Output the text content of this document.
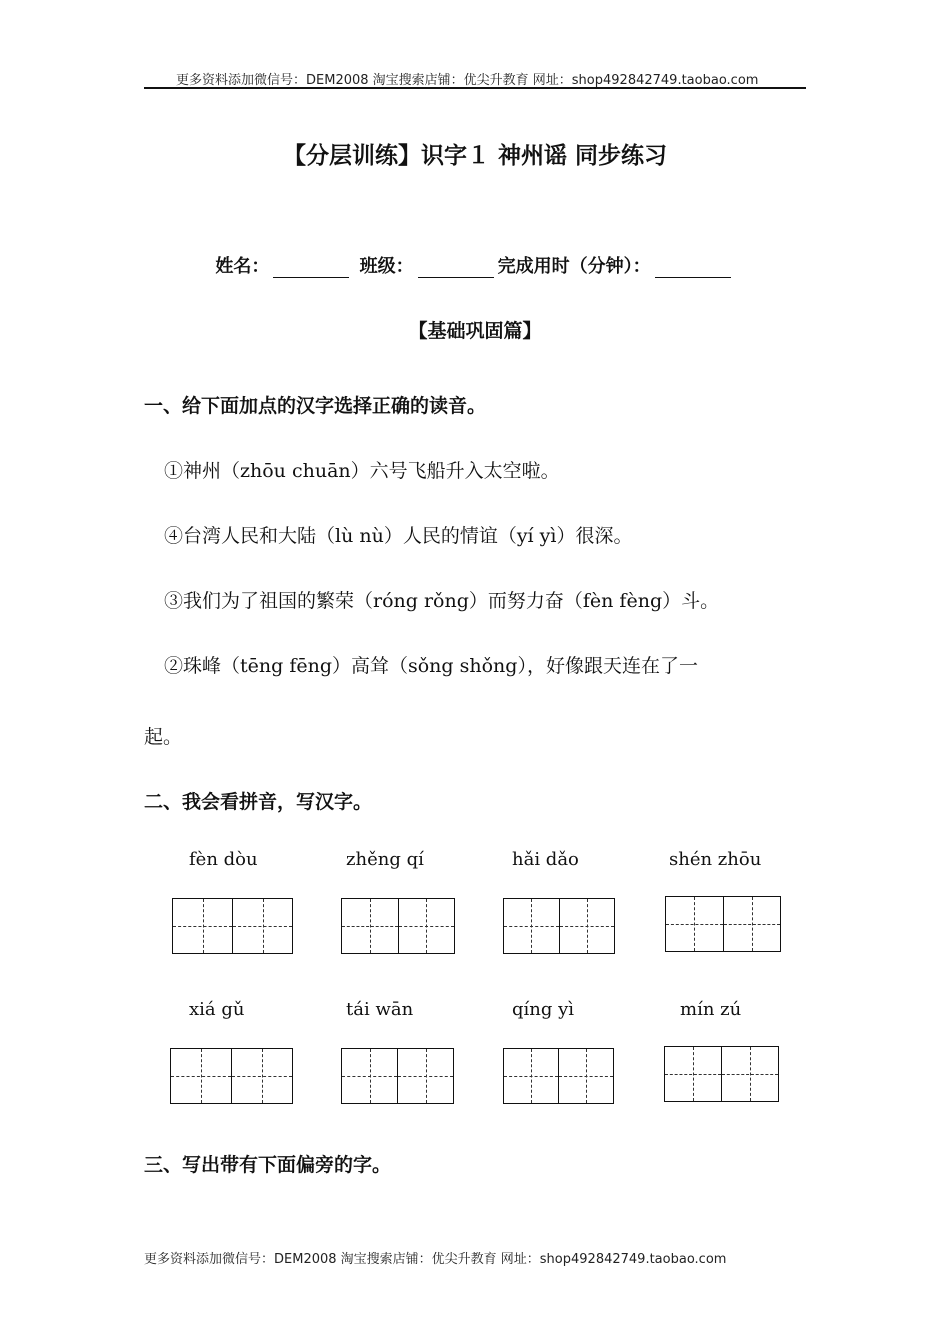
更多资料添加微信号：DEM2008 淘宝搜索店铺：优尖升教育 网址：shop492842749.taobao.com
【分层训练】识字１ 神州谣 同步练习
姓名：	班级：	完成用时（分钟）：
【基础巩固篇】
一、给下面加点的汉字选择正确的读音。
①神州（zhōu chuān）六号飞船升入太空啦。
④台湾人民和大陆（lù nù）人民的情谊（yí yì）很深。
③我们为了祖国的繁荣（róng rǒng）而努力奋（fèn fèng）斗。
②珠峰（tēng fēng）高耸（sǒng shǒng），好像跟天连在了一
起。
二、我会看拼音，写汉字。
fèn dòu	zhěng qí	hǎi dǎo	shén zhōu
xiá gǔ	tái wān	qíng yì	mín zú
三、写出带有下面偏旁的字。
更多资料添加微信号：DEM2008 淘宝搜索店铺：优尖升教育 网址：shop492842749.taobao.com
